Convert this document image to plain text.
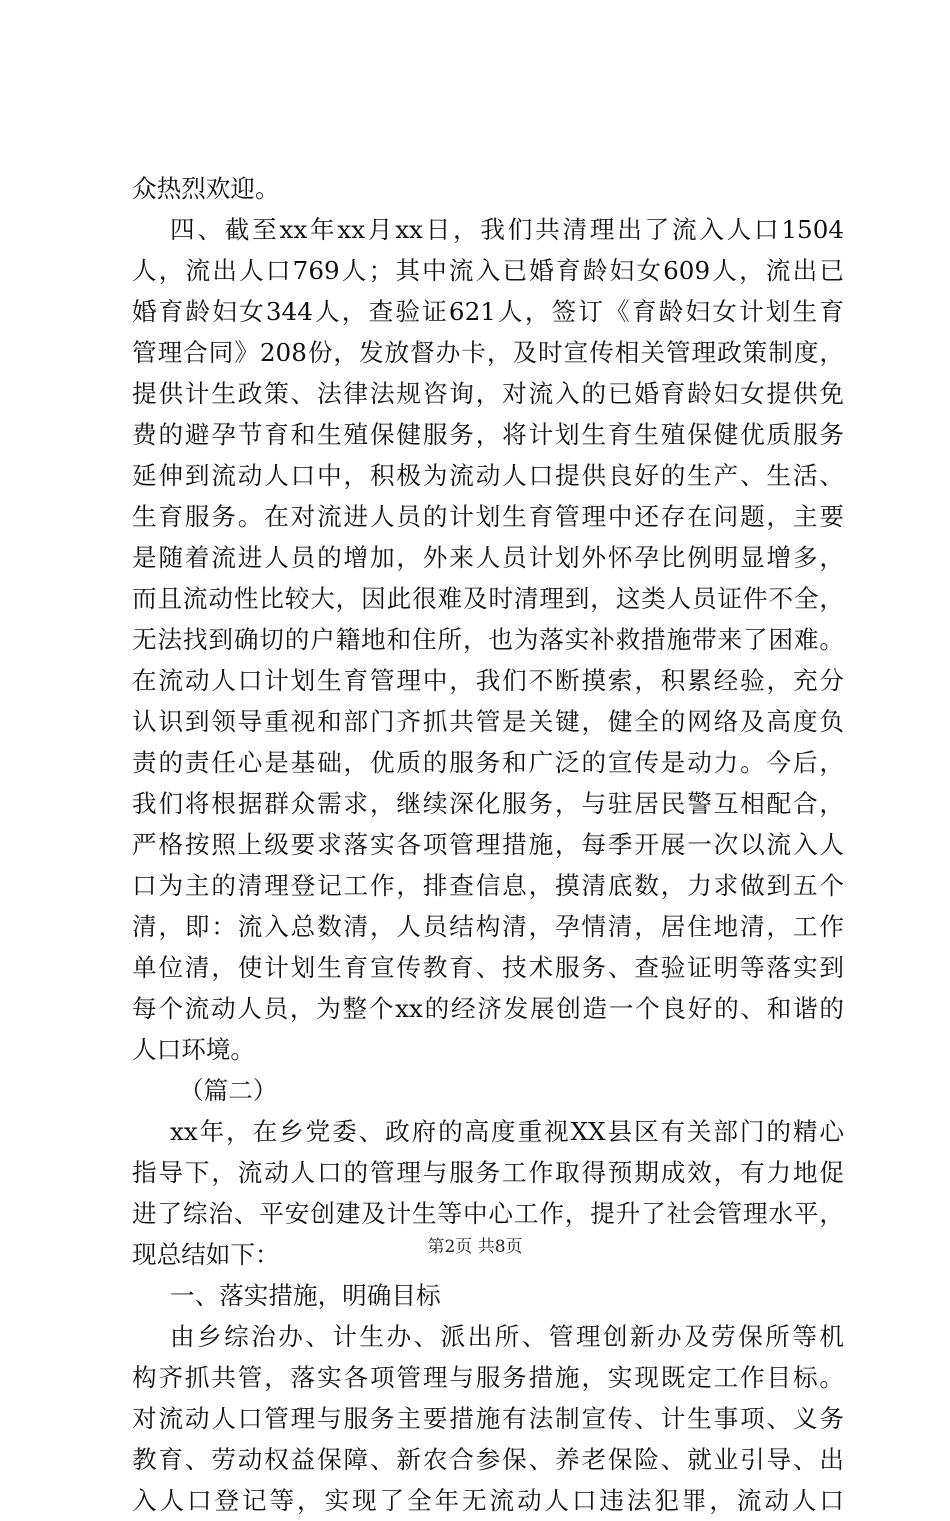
众热烈欢迎。
四、截至xx年xx月xx日，我们共清理出了流入人口1504
人，流出人口769人；其中流入已婚育龄妇女609人，流出已
婚育龄妇女344人，查验证621人，签订《育龄妇女计划生育
管理合同》208份，发放督办卡，及时宣传相关管理政策制度，
提供计生政策、法律法规咨询，对流入的已婚育龄妇女提供免
费的避孕节育和生殖保健服务，将计划生育生殖保健优质服务
延伸到流动人口中，积极为流动人口提供良好的生产、生活、
生育服务。在对流进人员的计划生育管理中还存在问题，主要
是随着流进人员的增加，外来人员计划外怀孕比例明显增多，
而且流动性比较大，因此很难及时清理到，这类人员证件不全，
无法找到确切的户籍地和住所，也为落实补救措施带来了困难。
在流动人口计划生育管理中，我们不断摸索，积累经验，充分
认识到领导重视和部门齐抓共管是关键，健全的网络及高度负
责的责任心是基础，优质的服务和广泛的宣传是动力。今后，
我们将根据群众需求，继续深化服务，与驻居民警互相配合，
严格按照上级要求落实各项管理措施，每季开展一次以流入人
口为主的清理登记工作，排查信息，摸清底数，力求做到五个
清，即：流入总数清，人员结构清，孕情清，居住地清，工作
单位清，使计划生育宣传教育、技术服务、查验证明等落实到
每个流动人员，为整个xx的经济发展创造一个良好的、和谐的
人口环境。
（篇二）
xx年，在乡党委、政府的高度重视XX县区有关部门的精心
指导下，流动人口的管理与服务工作取得预期成效，有力地促
进了综治、平安创建及计生等中心工作，提升了社会管理水平，
现总结如下：
一、落实措施，明确目标
由乡综治办、计生办、派出所、管理创新办及劳保所等机
构齐抓共管，落实各项管理与服务措施，实现既定工作目标。
对流动人口管理与服务主要措施有法制宣传、计生事项、义务
教育、劳动权益保障、新农合参保、养老保险、就业引导、出
入人口登记等，实现了全年无流动人口违法犯罪，流动人口
第2页 共8页
